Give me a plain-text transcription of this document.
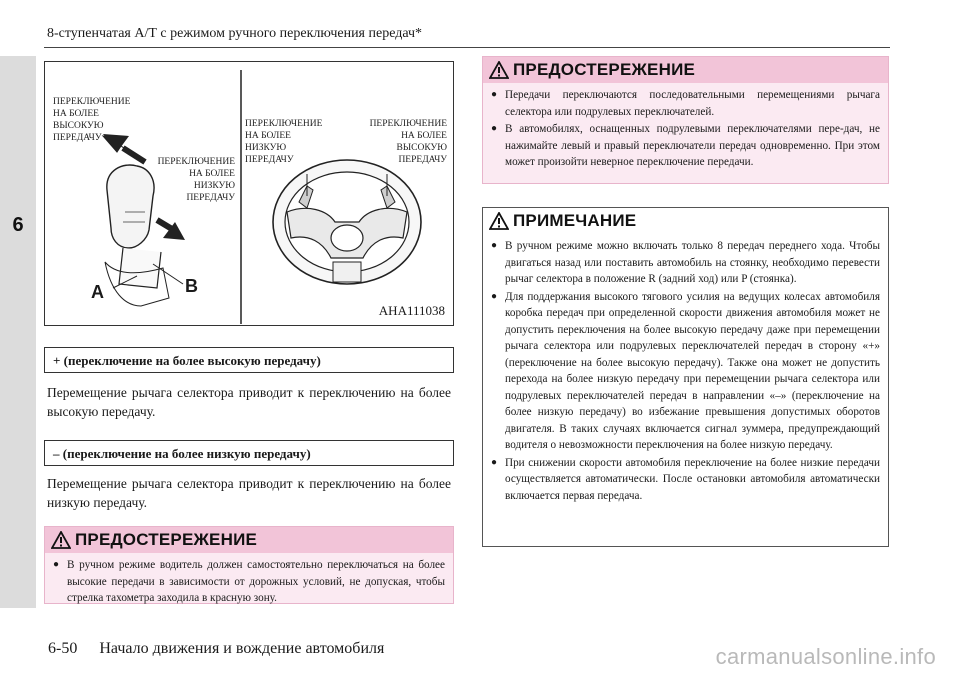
6
8-ступенчатая А/Т с режимом ручного переключения передач*
ПЕРЕКЛЮЧЕНИЕ
НА БОЛЕЕ
ВЫСОКУЮ
ПЕРЕДАЧУ
ПЕРЕКЛЮЧЕНИЕ
НА БОЛЕЕ
НИЗКУЮ
ПЕРЕДАЧУ
ПЕРЕКЛЮЧЕНИЕ
НА БОЛЕЕ
НИЗКУЮ
ПЕРЕДАЧУ
ПЕРЕКЛЮЧЕНИЕ
НА БОЛЕЕ
ВЫСОКУЮ
ПЕРЕДАЧУ
A	B
AHA111038
+ (переключение на более высокую передачу)
Перемещение рычага селектора приводит к переключению на более высокую передачу.
– (переключение на более низкую передачу)
Перемещение рычага селектора приводит к переключению на более низкую передачу.
ПРЕДОСТЕРЕЖЕНИЕ
● В ручном режиме водитель должен самостоятельно переключаться на более высокие передачи в зависимости от дорожных условий, не допуская, чтобы стрелка тахометра заходила в красную зону.
ПРЕДОСТЕРЕЖЕНИЕ
● Передачи переключаются последовательными перемещениями рычага селектора или подрулевых переключателей.
● В автомобилях, оснащенных подрулевыми переключателями пере-дач, не нажимайте левый и правый переключатели передач одновременно. При этом может произойти неверное переключение передачи.
ПРИМЕЧАНИЕ
● В ручном режиме можно включать только 8 передач переднего хода. Чтобы двигаться назад или поставить автомобиль на стоянку, необходимо перевести рычаг селектора в положение R (задний ход) или P (стоянка).
● Для поддержания высокого тягового усилия на ведущих колесах автомобиля коробка передач при определенной скорости движения автомобиля может не допустить переключения на более высокую передачу даже при перемещении рычага селектора или подрулевых переключателей передач в сторону «+» (переключение на более высокую передачу). Также она может не допустить перехода на более низкую передачу при перемещении рычага селектора или подрулевых переключателей передач в направлении «–» (переключение на более низкую передачу) во избежание превышения допустимых оборотов двигателя. В таких случаях включается сигнал зуммера, предупреждающий водителя о невозможности переключения на более низкую передачу.
● При снижении скорости автомобиля переключение на более низкие передачи осуществляется автоматически. После остановки автомобиля автоматически включается первая передача.
6-50 Начало движения и вождение автомобиля	carmanualsonline.info
